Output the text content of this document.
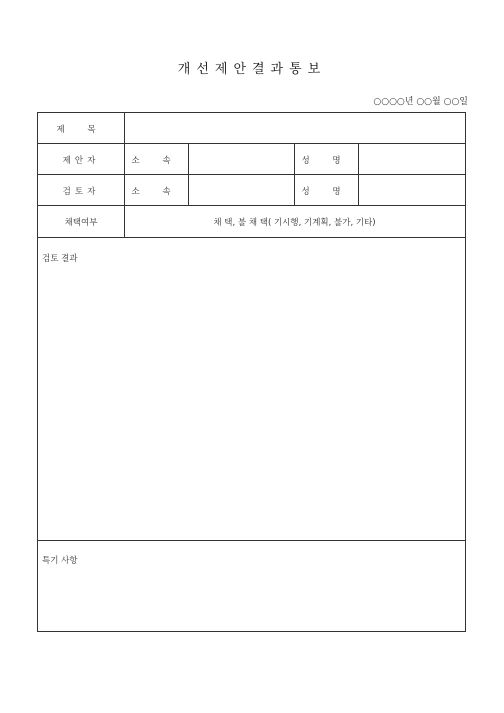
개선제안결과통보
○○○○년 ○○월 ○○일
제 목
제안자	소 속	성 명
검토자	소 속	성 명
채택여부	채 택, 불 채 택( 기시행, 기계획, 불가, 기타)
검토 결과
특기 사항
